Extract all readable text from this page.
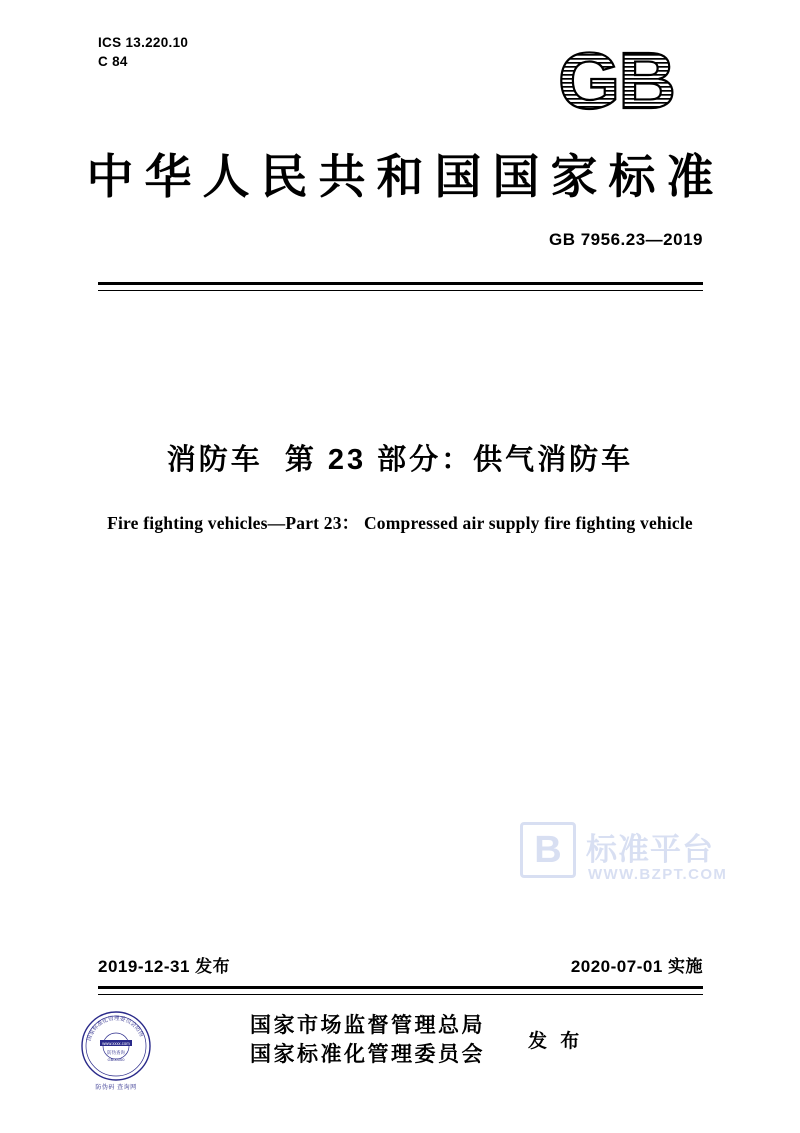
ICS 13.220.10
C 84	GB
中华人民共和国国家标准
GB 7956.23—2019
消防车 第 23 部分：供气消防车
Fire fighting vehicles—Part 23： Compressed air supply fire fighting vehicle
B 标准平台
WWW.BZPT.COM
2019-12-31 发布	2020-07-01 实施
国家市场监督管理总局
国家标准化管理委员会
发 布
国家标准化管理委员会防伪
www.xxxx.com
防伪查询
GB00000
防伪码 查询网
